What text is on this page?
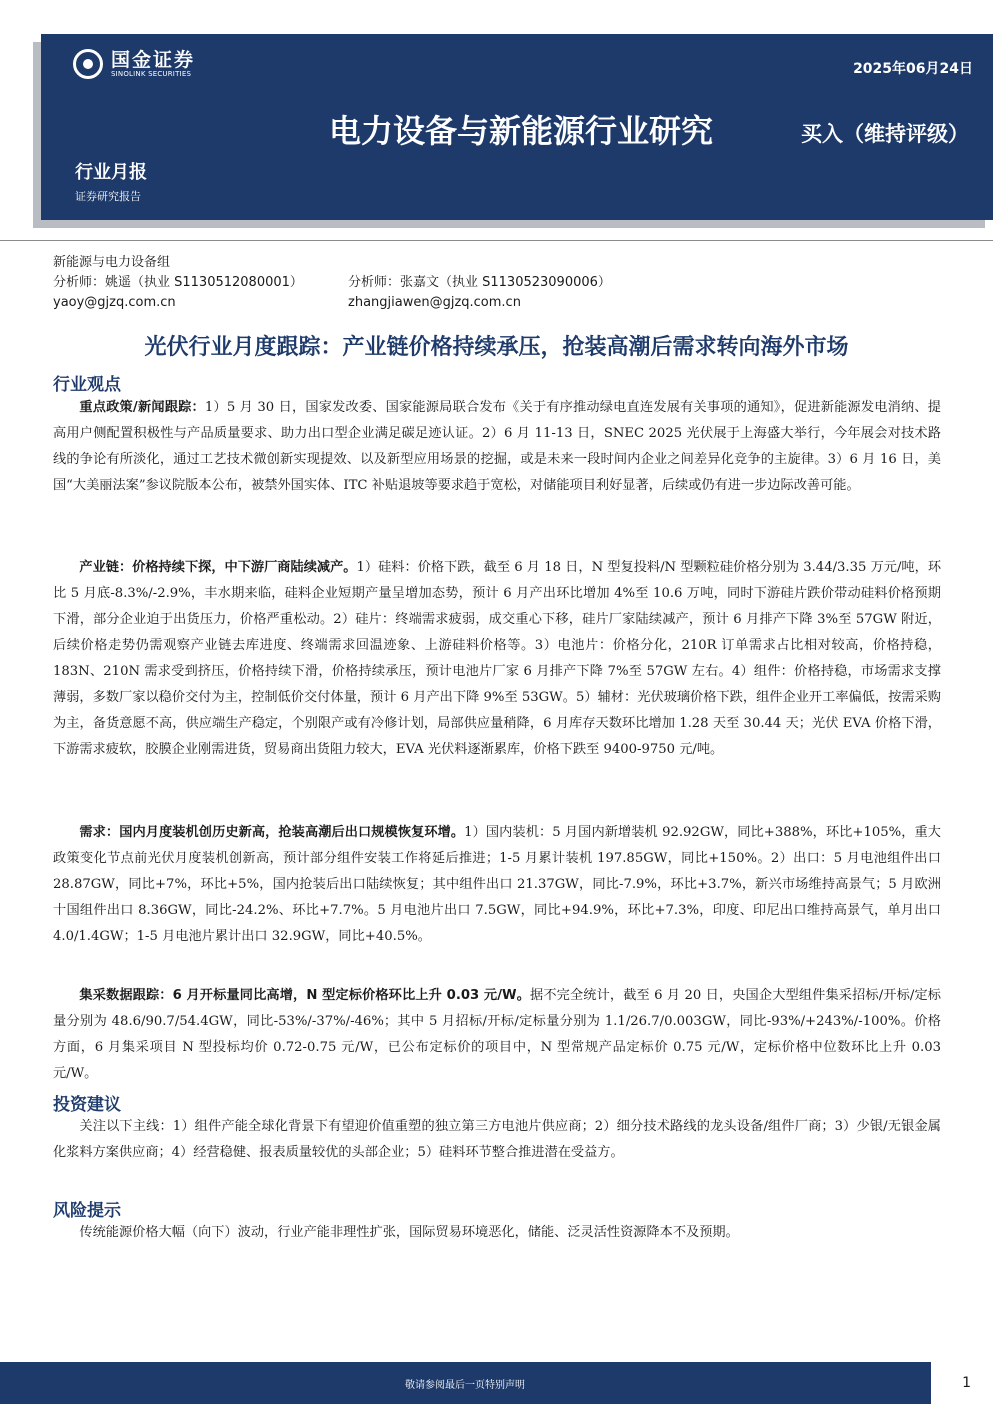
国金证券
SINOLINK SECURITIES	2025年06月24日
电力设备与新能源行业研究	买入（维持评级）
行业月报
证券研究报告
新能源与电力设备组
分析师：姚遥（执业 S1130512080001）
yaoy@gjzq.com.cn
分析师：张嘉文（执业 S1130523090006）
zhangjiawen@gjzq.com.cn
光伏行业月度跟踪：产业链价格持续承压，抢装高潮后需求转向海外市场
行业观点

重点政策/新闻跟踪：1）5 月 30 日，国家发改委、国家能源局联合发布《关于有序推动绿电直连发展有关事项的通知》，促进新能源发电消纳、提高用户侧配置积极性与产品质量要求、助力出口型企业满足碳足迹认证。2）6 月 11-13 日，SNEC 2025 光伏展于上海盛大举行，今年展会对技术路线的争论有所淡化，通过工艺技术微创新实现提效、以及新型应用场景的挖掘，或是未来一段时间内企业之间差异化竞争的主旋律。3）6 月 16 日，美国“大美丽法案”参议院版本公布，被禁外国实体、ITC 补贴退坡等要求趋于宽松，对储能项目利好显著，后续或仍有进一步边际改善可能。

产业链：价格持续下探，中下游厂商陆续减产。1）硅料：价格下跌，截至 6 月 18 日，N 型复投料/N 型颗粒硅价格分别为 3.44/3.35 万元/吨，环比 5 月底-8.3%/-2.9%，丰水期来临，硅料企业短期产量呈增加态势，预计 6 月产出环比增加 4%至 10.6 万吨，同时下游硅片跌价带动硅料价格预期下滑，部分企业迫于出货压力，价格严重松动。2）硅片：终端需求疲弱，成交重心下移，硅片厂家陆续减产，预计 6 月排产下降 3%至 57GW 附近，后续价格走势仍需观察产业链去库进度、终端需求回温迹象、上游硅料价格等。3）电池片：价格分化，210R 订单需求占比相对较高，价格持稳，183N、210N 需求受到挤压，价格持续下滑，价格持续承压，预计电池片厂家 6 月排产下降 7%至 57GW 左右。4）组件：价格持稳，市场需求支撑薄弱，多数厂家以稳价交付为主，控制低价交付体量，预计 6 月产出下降 9%至 53GW。5）辅材：光伏玻璃价格下跌，组件企业开工率偏低，按需采购为主，备货意愿不高，供应端生产稳定，个别限产或有冷修计划，局部供应量稍降，6 月库存天数环比增加 1.28 天至 30.44 天；光伏 EVA 价格下滑，下游需求疲软，胶膜企业刚需进货，贸易商出货阻力较大，EVA 光伏料逐渐累库，价格下跌至 9400-9750 元/吨。

需求：国内月度装机创历史新高，抢装高潮后出口规模恢复环增。1）国内装机：5 月国内新增装机 92.92GW，同比+388%，环比+105%，重大政策变化节点前光伏月度装机创新高，预计部分组件安装工作将延后推进；1-5 月累计装机 197.85GW，同比+150%。2）出口：5 月电池组件出口 28.87GW，同比+7%，环比+5%，国内抢装后出口陆续恢复；其中组件出口 21.37GW，同比-7.9%，环比+3.7%，新兴市场维持高景气；5 月欧洲十国组件出口 8.36GW，同比-24.2%、环比+7.7%。5 月电池片出口 7.5GW，同比+94.9%，环比+7.3%，印度、印尼出口维持高景气，单月出口 4.0/1.4GW；1-5 月电池片累计出口 32.9GW，同比+40.5%。

集采数据跟踪：6 月开标量同比高增，N 型定标价格环比上升 0.03 元/W。据不完全统计，截至 6 月 20 日，央国企大型组件集采招标/开标/定标量分别为 48.6/90.7/54.4GW，同比-53%/-37%/-46%；其中 5 月招标/开标/定标量分别为 1.1/26.7/0.003GW，同比-93%/+243%/-100%。价格方面，6 月集采项目 N 型投标均价 0.72-0.75 元/W，已公布定标价的项目中，N 型常规产品定标价 0.75 元/W，定标价格中位数环比上升 0.03 元/W。

投资建议

关注以下主线：1）组件产能全球化背景下有望迎价值重塑的独立第三方电池片供应商；2）细分技术路线的龙头设备/组件厂商；3）少银/无银金属化浆料方案供应商；4）经营稳健、报表质量较优的头部企业；5）硅料环节整合推进潜在受益方。

风险提示

传统能源价格大幅（向下）波动，行业产能非理性扩张，国际贸易环境恶化，储能、泛灵活性资源降本不及预期。

敬请参阅最后一页特别声明	1
